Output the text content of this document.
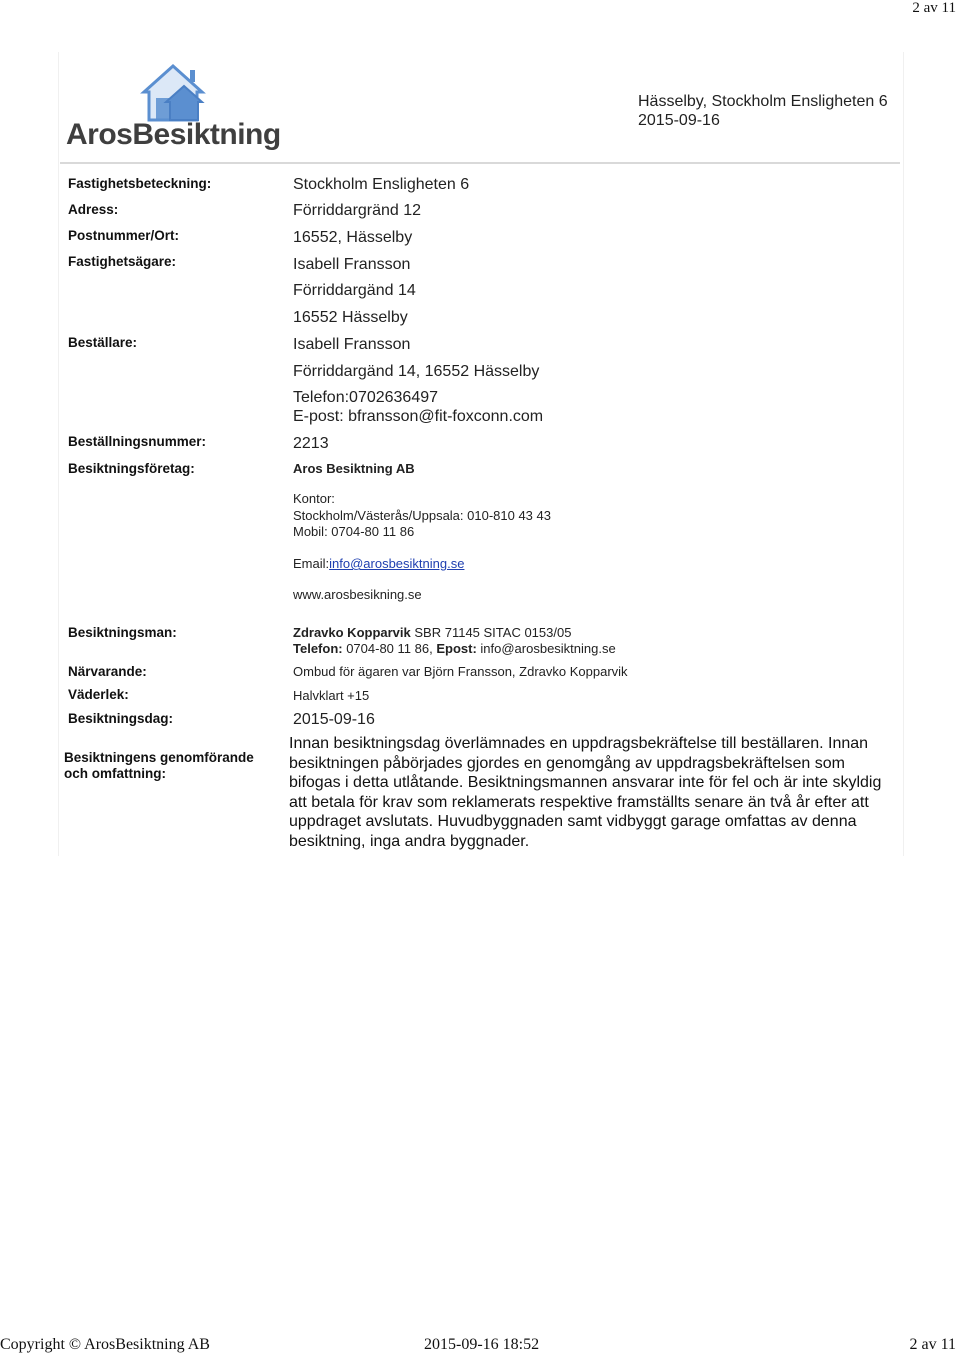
2 av 11
ArosBesiktning
Hässelby, Stockholm Ensligheten 6
2015-09-16
Fastighetsbeteckning:
Adress:
Postnummer/Ort:
Fastighetsägare:
Beställare:
Beställningsnummer:
Besiktningsföretag:
Besiktningsman:
Närvarande:
Väderlek:
Besiktningsdag:
Besiktningens genomförande
och omfattning:
Stockholm Ensligheten 6
Förriddargränd 12
16552, Hässelby
Isabell Fransson
Förriddargänd 14
16552 Hässelby
Isabell Fransson
Förriddargänd 14, 16552 Hässelby
Telefon:0702636497
E-post: bfransson@fit-foxconn.com
2213
Aros Besiktning AB
Kontor:
Stockholm/Västerås/Uppsala: 010-810 43 43
Mobil: 0704-80 11 86
Email:info@arosbesiktning.se
www.arosbesikning.se
Zdravko Kopparvik SBR 71145 SITAC 0153/05
Telefon: 0704-80 11 86, Epost: info@arosbesiktning.se
Ombud för ägaren var Björn Fransson, Zdravko Kopparvik
Halvklart +15
2015-09-16
Innan besiktningsdag överlämnades en uppdragsbekräftelse till beställaren. Innan besiktningen påbörjades gjordes en genomgång av uppdragsbekräftelsen som bifogas i detta utlåtande. Besiktningsmannen ansvarar inte för fel och är inte skyldig att betala för krav som reklamerats respektive framställts senare än två år efter att uppdraget avslutats. Huvudbyggnaden samt vidbyggt garage omfattas av denna besiktning, inga andra byggnader.
Copyright © ArosBesiktning AB	2015-09-16 18:52	2 av 11
